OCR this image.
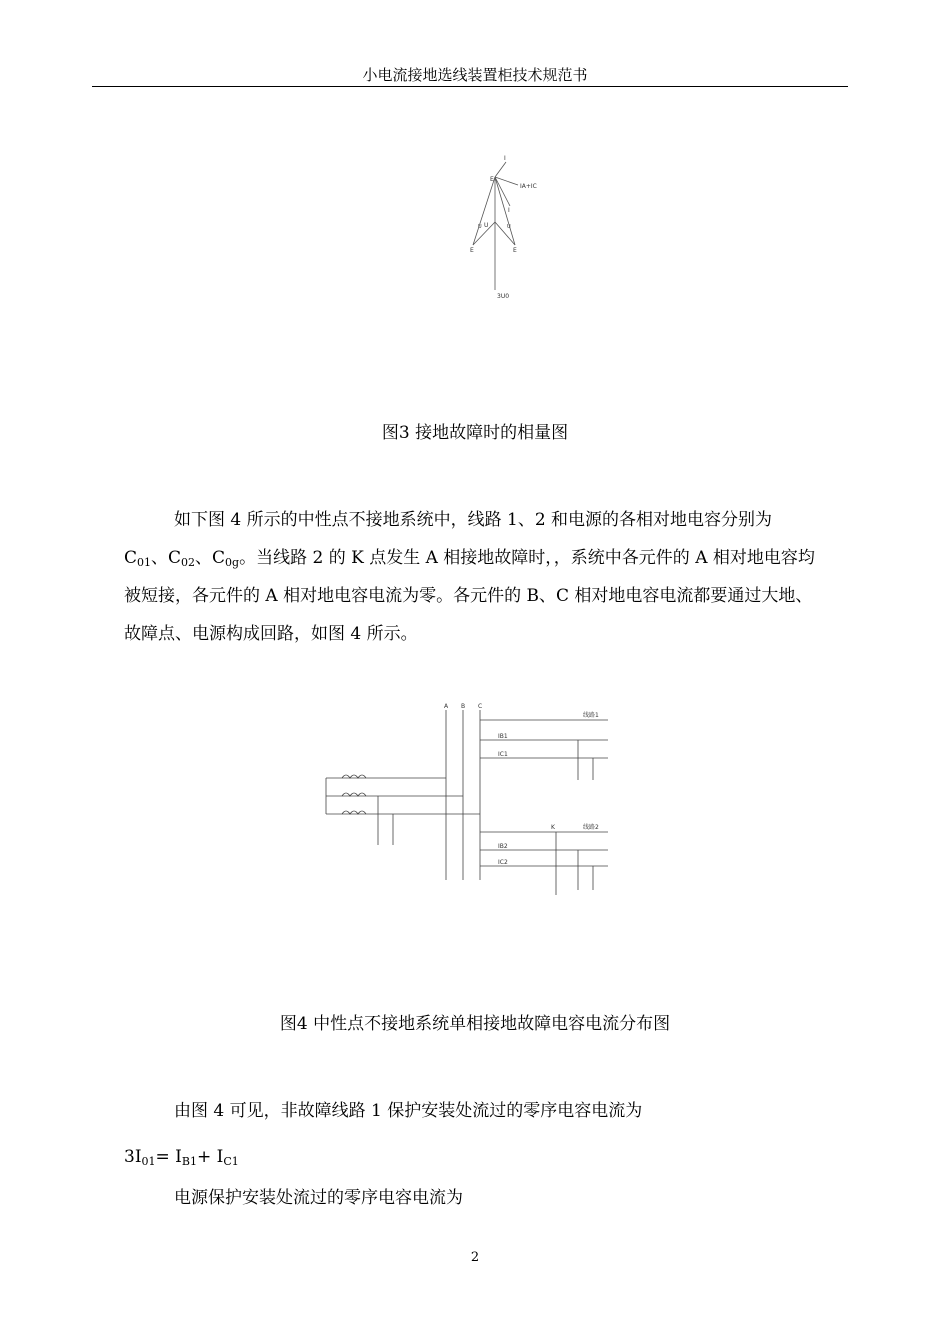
小电流接地选线装置柜技术规范书
I
E
IA+IC
I
U
E	E
U	U
3U0
图3 接地故障时的相量图
如下图 4 所示的中性点不接地系统中，线路 1、2 和电源的各相对地电容分别为
$C_{01}$、$C_{02}$、$C_{0g}$。当线路 2 的 K 点发生 A 相接地故障时，，系统中各元件的 A 相对地电容均
被短接，各元件的 A 相对地电容电流为零。各元件的 B、C 相对地电容电流都要通过大地、
故障点、电源构成回路，如图 4 所示。
A B C
线路1
线路2
K
IB1
IC1
IB2
IC2
图4 中性点不接地系统单相接地故障电容电流分布图
由图 4 可见，非故障线路 1 保护安装处流过的零序电容电流为
$3I_{01}= I_{B1}+ I_{C1}$
电源保护安装处流过的零序电容电流为
2
